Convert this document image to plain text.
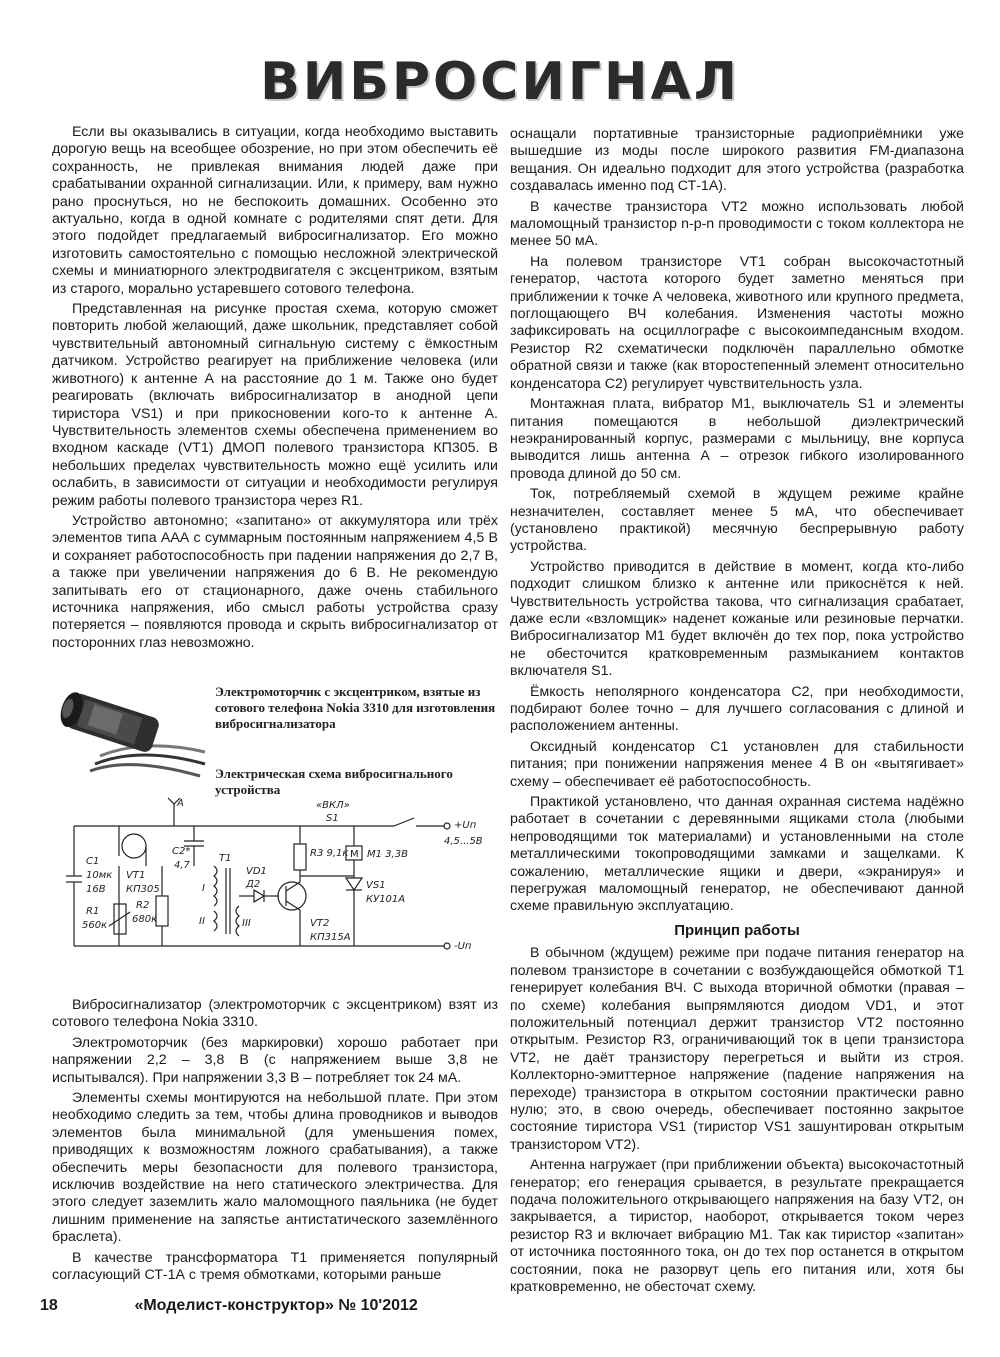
ВИБРОСИГНАЛ

Если вы оказывались в ситуации, когда необходимо выставить дорогую вещь на всеобщее обозрение, но при этом обеспечить её сохранность, не привлекая внимания людей даже при срабатывании охранной сигнализации. Или, к примеру, вам нужно рано проснуться, но не беспокоить домашних. Особенно это актуально, когда в одной комнате с родителями спят дети. Для этого подойдет предлагаемый виброcигнализатор. Его можно изготовить самостоятельно с помощью несложной электрической схемы и миниатюрного электродвигателя с эксцентриком, взятым из старого, морально устаревшего сотового телефона.

Представленная на рисунке простая схема, которую сможет повторить любой желающий, даже школьник, представляет собой чувствительный автономный сигнальную систему с ёмкостным датчиком. Устройство реагирует на приближение человека (или животного) к антенне А на расстояние до 1 м. Также оно будет реагировать (включать виброcигнализатор в анодной цепи тиристора VS1) и при прикосновении кого-то к антенне А. Чувствительность элементов схемы обеспечена применением во входном каскаде (VT1) ДМОП полевого транзистора КП305. В небольших пределах чувствительность можно ещё усилить или ослабить, в зависимости от ситуации и необходимости регулируя режим работы полевого транзистора через R1.

Устройство автономно; «запитано» от аккумулятора или трёх элементов типа ААА с суммарным постоянным напряжением 4,5 В и сохраняет работоспособность при падении напряжения до 2,7 В, а также при увеличении напряжения до 6 В. Не рекомендую запитывать его от стационарного, даже очень стабильного источника напряжения, ибо смысл работы устройства сразу потеряется – появляются провода и скрыть виброcигнализатор от посторонних глаз невозможно.

Электромоторчик с эксцентриком, взятые из сотового телефона Nokia 3310 для изготовления виброcигнализатора
Электрическая схема виброcигнального устройства
A	«ВКЛ»
S1
+Uп
4,5...5В
-Uп
R3 9,1к M M1 3,3В
VS1
КУ101А
C1
10мк
16В
VT1
КП305
C2*
4,7
T1
I
II	III
VD1
Д2
VT2
КП315А
R1
560к
R2
680к

Виброcигнализатор (электромоторчик с эксцентриком) взят из сотового телефона Nokia 3310.

Электромоторчик (без маркировки) хорошо работает при напряжении 2,2 – 3,8 В (с напряжением выше 3,8 не испытывался). При напряжении 3,3 В – потребляет ток 24 мА.

Элементы схемы монтируются на небольшой плате. При этом необходимо следить за тем, чтобы длина проводников и выводов элементов была минимальной (для уменьшения помех, приводящих к возможностям ложного срабатывания), а также обеспечить меры безопасности для полевого транзистора, исключив воздействие на него статического электричества. Для этого следует заземлить жало маломощного паяльника (не будет лишним применение на запястье антистатического заземлённого браслета).

В качестве трансформатора Т1 применяется популярный согласующий СТ-1А с тремя обмотками, которыми раньше

оснащали портативные транзисторные радиоприёмники уже вышедшие из моды после широкого развития FM-диапазона вещания. Он идеально подходит для этого устройства (разработка создавалась именно под СТ-1А).

В качестве транзистора VT2 можно использовать любой маломощный транзистор n-p-n проводимости с током коллектора не менее 50 мА.

На полевом транзисторе VT1 собран высокочастотный генератор, частота которого будет заметно меняться при приближении к точке А человека, животного или крупного предмета, поглощающего ВЧ колебания. Изменения частоты можно зафиксировать на осциллографе с высокоимпедансным входом. Резистор R2 схематически подключён параллельно обмотке обратной связи и также (как второстепенный элемент относительно конденсатора С2) регулирует чувствительность узла.

Монтажная плата, вибратор М1, выключатель S1 и элементы питания помещаются в небольшой диэлектрический неэкранированный корпус, размерами с мыльницу, вне корпуса выводится лишь антенна А – отрезок гибкого изолированного провода длиной до 50 см.

Ток, потребляемый схемой в ждущем режиме крайне незначителен, составляет менее 5 мА, что обеспечивает (установлено практикой) месячную беспрерывную работу устройства.

Устройство приводится в действие в момент, когда кто-либо подходит слишком близко к антенне или прикоснётся к ней. Чувствительность устройства такова, что сигнализация срабатает, даже если «взломщик» наденет кожаные или резиновые перчатки. Виброcигнализатор М1 будет включён до тех пор, пока устройство не обесточится кратковременным размыканием контактов включателя S1.

Ёмкость неполярного конденсатора С2, при необходимости, подбирают более точно – для лучшего согласования с длиной и расположением антенны.

Оксидный конденсатор С1 установлен для стабильности питания; при понижении напряжения менее 4 В он «вытягивает» схему – обеспечивает её работоспособность.

Практикой установлено, что данная охранная система надёжно работает в сочетании с деревянными ящиками стола (любыми непроводящими ток материалами) и установленными на столе металлическими токопроводящими замками и защелками. К сожалению, металлические ящики и двери, «экранируя» и перегружая маломощный генератор, не обеспечивают данной схеме правильную эксплуатацию.

Принцип работы

В обычном (ждущем) режиме при подаче питания генератор на полевом транзисторе в сочетании с возбуждающейся обмоткой Т1 генерирует колебания ВЧ. С выхода вторичной обмотки (правая – по схеме) колебания выпрямляются диодом VD1, и этот положительный потенциал держит транзистор VT2 постоянно открытым. Резистор R3, ограничивающий ток в цепи транзистора VT2, не даёт транзистору перегреться и выйти из строя. Коллекторно-эмиттерное напряжение (падение напряжения на переходе) транзистора в открытом состоянии практически равно нулю; это, в свою очередь, обеспечивает постоянно закрытое состояние тиристора VS1 (тиристор VS1 зашунтирован открытым транзистором VT2).

Антенна нагружает (при приближении объекта) высокочастотный генератор; его генерация срывается, в результате прекращается подача положительного открывающего напряжения на базу VT2, он закрывается, а тиристор, наоборот, открывается током через резистор R3 и включает вибрацию М1. Так как тиристор «запитан» от источника постоянного тока, он до тех пор останется в открытом состоянии, пока не разорвут цепь его питания или, хотя бы кратковременно, не обесточат схему.

18	«Моделист-конструктор» № 10'2012
